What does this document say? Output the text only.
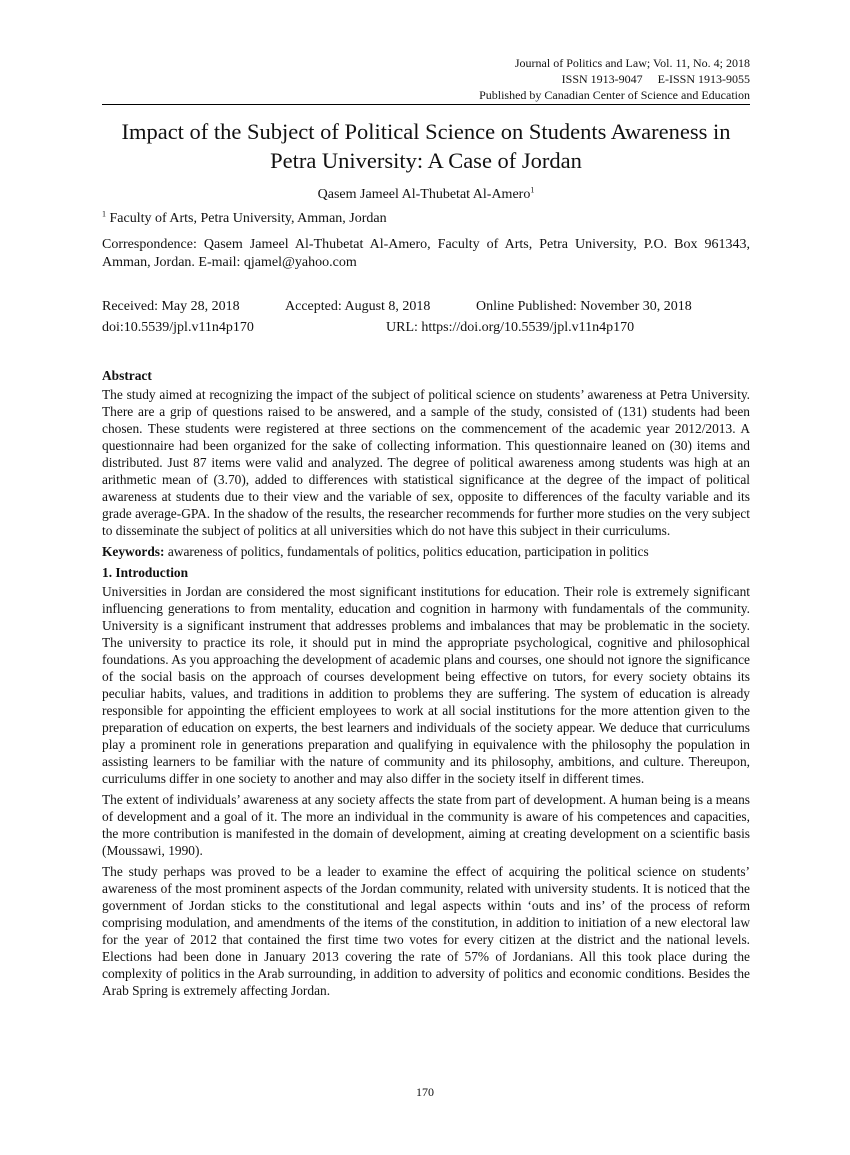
Journal of Politics and Law; Vol. 11, No. 4; 2018
ISSN 1913-9047     E-ISSN 1913-9055
Published by Canadian Center of Science and Education
Impact of the Subject of Political Science on Students Awareness in Petra University: A Case of Jordan
Qasem Jameel Al-Thubetat Al-Amero$^1$
$^1$ Faculty of Arts, Petra University, Amman, Jordan
Correspondence: Qasem Jameel Al-Thubetat Al-Amero, Faculty of Arts, Petra University, P.O. Box 961343, Amman, Jordan. E-mail: qjamel@yahoo.com
Received: May 28, 2018	Accepted: August 8, 2018	Online Published: November 30, 2018
doi:10.5539/jpl.v11n4p170	URL: https://doi.org/10.5539/jpl.v11n4p170
Abstract

The study aimed at recognizing the impact of the subject of political science on students’ awareness at Petra University. There are a grip of questions raised to be answered, and a sample of the study, consisted of (131) students had been chosen. These students were registered at three sections on the commencement of the academic year 2012/2013. A questionnaire had been organized for the sake of collecting information. This questionnaire leaned on (30) items and distributed. Just 87 items were valid and analyzed. The degree of political awareness among students was high at an arithmetic mean of (3.70), added to differences with statistical significance at the degree of the impact of political awareness at students due to their view and the variable of sex, opposite to differences of the faculty variable and its grade average-GPA. In the shadow of the results, the researcher recommends for further more studies on the very subject to disseminate the subject of politics at all universities which do not have this subject in their curriculums.

Keywords: awareness of politics, fundamentals of politics, politics education, participation in politics

1. Introduction

Universities in Jordan are considered the most significant institutions for education. Their role is extremely significant influencing generations to from mentality, education and cognition in harmony with fundamentals of the community. University is a significant instrument that addresses problems and imbalances that may be problematic in the society. The university to practice its role, it should put in mind the appropriate psychological, cognitive and philosophical foundations. As you approaching the development of academic plans and courses, one should not ignore the significance of the social basis on the approach of courses development being effective on tutors, for every society obtains its peculiar habits, values, and traditions in addition to problems they are suffering. The system of education is already responsible for appointing the efficient employees to work at all social institutions for the more attention given to the preparation of education on experts, the best learners and individuals of the society appear. We deduce that curriculums play a prominent role in generations preparation and qualifying in equivalence with the philosophy the population in assisting learners to be familiar with the nature of community and its philosophy, ambitions, and culture. Thereupon, curriculums differ in one society to another and may also differ in the society itself in different times.

The extent of individuals’ awareness at any society affects the state from part of development. A human being is a means of development and a goal of it. The more an individual in the community is aware of his competences and capacities, the more contribution is manifested in the domain of development, aiming at creating development on a scientific basis (Moussawi, 1990).

The study perhaps was proved to be a leader to examine the effect of acquiring the political science on students’ awareness of the most prominent aspects of the Jordan community, related with university students. It is noticed that the government of Jordan sticks to the constitutional and legal aspects within ‘outs and ins’ of the process of reform comprising modulation, and amendments of the items of the constitution, in addition to initiation of a new electoral law for the year of 2012 that contained the first time two votes for every citizen at the district and the national levels. Elections had been done in January 2013 covering the rate of 57% of Jordanians. All this took place during the complexity of politics in the Arab surrounding, in addition to adversity of politics and economic conditions. Besides the Arab Spring is extremely affecting Jordan.

170
